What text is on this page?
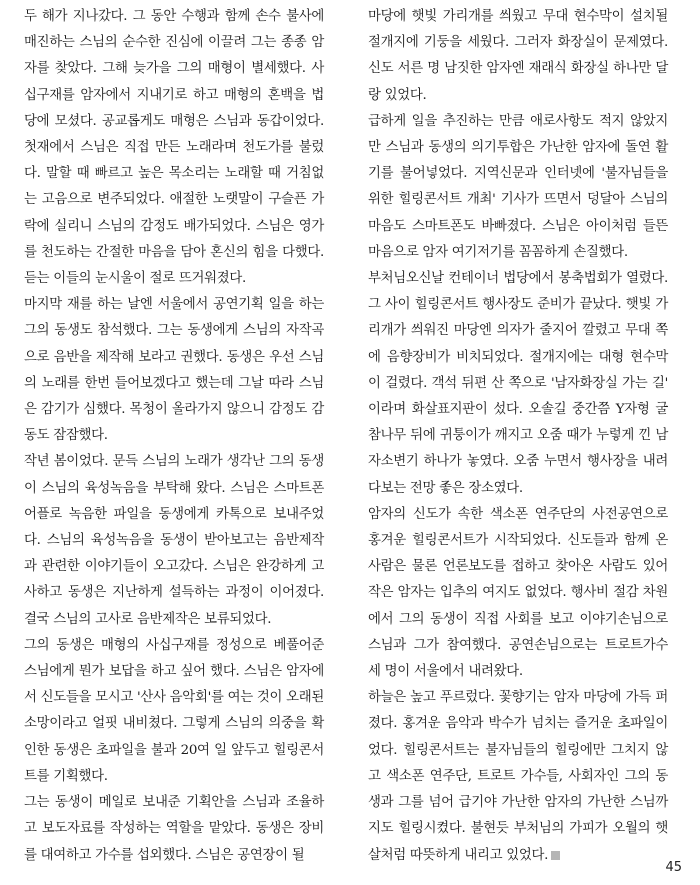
두 해가 지나갔다. 그 동안 수행과 함께 손수 불사에 매진하는 스님의 순수한 진심에 이끌려 그는 종종 암자를 찾았다. 그해 늦가을 그의 매형이 별세했다. 사십구재를 암자에서 지내기로 하고 매형의 혼백을 법당에 모셨다. 공교롭게도 매형은 스님과 동갑이었다. 첫재에서 스님은 직접 만든 노래라며 천도가를 불렀다. 말할 때 빠르고 높은 목소리는 노래할 때 거침없는 고음으로 변주되었다. 애절한 노랫말이 구슬픈 가락에 실리니 스님의 감정도 배가되었다. 스님은 영가를 천도하는 간절한 마음을 담아 혼신의 힘을 다했다. 듣는 이들의 눈시울이 절로 뜨거워졌다.

마지막 재를 하는 날엔 서울에서 공연기획 일을 하는 그의 동생도 참석했다. 그는 동생에게 스님의 자작곡으로 음반을 제작해 보라고 권했다. 동생은 우선 스님의 노래를 한번 들어보겠다고 했는데 그날 따라 스님은 감기가 심했다. 목청이 올라가지 않으니 감정도 감동도 잠잠했다.

작년 봄이었다. 문득 스님의 노래가 생각난 그의 동생이 스님의 육성녹음을 부탁해 왔다. 스님은 스마트폰 어플로 녹음한 파일을 동생에게 카톡으로 보내주었다. 스님의 육성녹음을 동생이 받아보고는 음반제작과 관련한 이야기들이 오고갔다. 스님은 완강하게 고사하고 동생은 지난하게 설득하는 과정이 이어졌다. 결국 스님의 고사로 음반제작은 보류되었다.

그의 동생은 매형의 사십구재를 정성으로 베풀어준 스님에게 뭔가 보답을 하고 싶어 했다. 스님은 암자에서 신도들을 모시고 '산사 음악회'를 여는 것이 오래된 소망이라고 얼핏 내비쳤다. 그렇게 스님의 의중을 확인한 동생은 초파일을 불과 20여 일 앞두고 힐링콘서트를 기획했다.

그는 동생이 메일로 보내준 기획안을 스님과 조율하고 보도자료를 작성하는 역할을 맡았다. 동생은 장비를 대여하고 가수를 섭외했다. 스님은 공연장이 될

마당에 햇빛 가리개를 씌웠고 무대 현수막이 설치될 절개지에 기둥을 세웠다. 그러자 화장실이 문제였다. 신도 서른 명 남짓한 암자엔 재래식 화장실 하나만 달랑 있었다.

급하게 일을 추진하는 만큼 애로사항도 적지 않았지만 스님과 동생의 의기투합은 가난한 암자에 돌연 활기를 불어넣었다. 지역신문과 인터넷에 '불자님들을 위한 힐링콘서트 개최' 기사가 뜨면서 덩달아 스님의 마음도 스마트폰도 바빠졌다. 스님은 아이처럼 들뜬 마음으로 암자 여기저기를 꼼꼼하게 손질했다.

부처님오신날 컨테이너 법당에서 봉축법회가 열렸다. 그 사이 힐링콘서트 행사장도 준비가 끝났다. 햇빛 가리개가 씌워진 마당엔 의자가 줄지어 깔렸고 무대 쪽에 음향장비가 비치되었다. 절개지에는 대형 현수막이 걸렸다. 객석 뒤편 산 쪽으로 '남자화장실 가는 길' 이라며 화살표지판이 섰다. 오솔길 중간쯤 Y자형 굴참나무 뒤에 귀퉁이가 깨지고 오줌 때가 누렇게 낀 남자소변기 하나가 놓였다. 오줌 누면서 행사장을 내려다보는 전망 좋은 장소였다.

암자의 신도가 속한 색소폰 연주단의 사전공연으로 홍겨운 힐링콘서트가 시작되었다. 신도들과 함께 온 사람은 물론 언론보도를 접하고 찾아온 사람도 있어 작은 암자는 입추의 여지도 없었다. 행사비 절감 차원에서 그의 동생이 직접 사회를 보고 이야기손님으로 스님과 그가 참여했다. 공연손님으로는 트로트가수 세 명이 서울에서 내려왔다.

하늘은 높고 푸르렀다. 꽃향기는 암자 마당에 가득 퍼졌다. 홍겨운 음악과 박수가 넘치는 즐거운 초파일이었다. 힐링콘서트는 불자님들의 힐링에만 그치지 않고 색소폰 연주단, 트로트 가수들, 사회자인 그의 동생과 그를 넘어 급기야 가난한 암자의 가난한 스님까지도 힐링시켰다. 불현듯 부처님의 가피가 오월의 햇살처럼 따뜻하게 내리고 있었다.

45
